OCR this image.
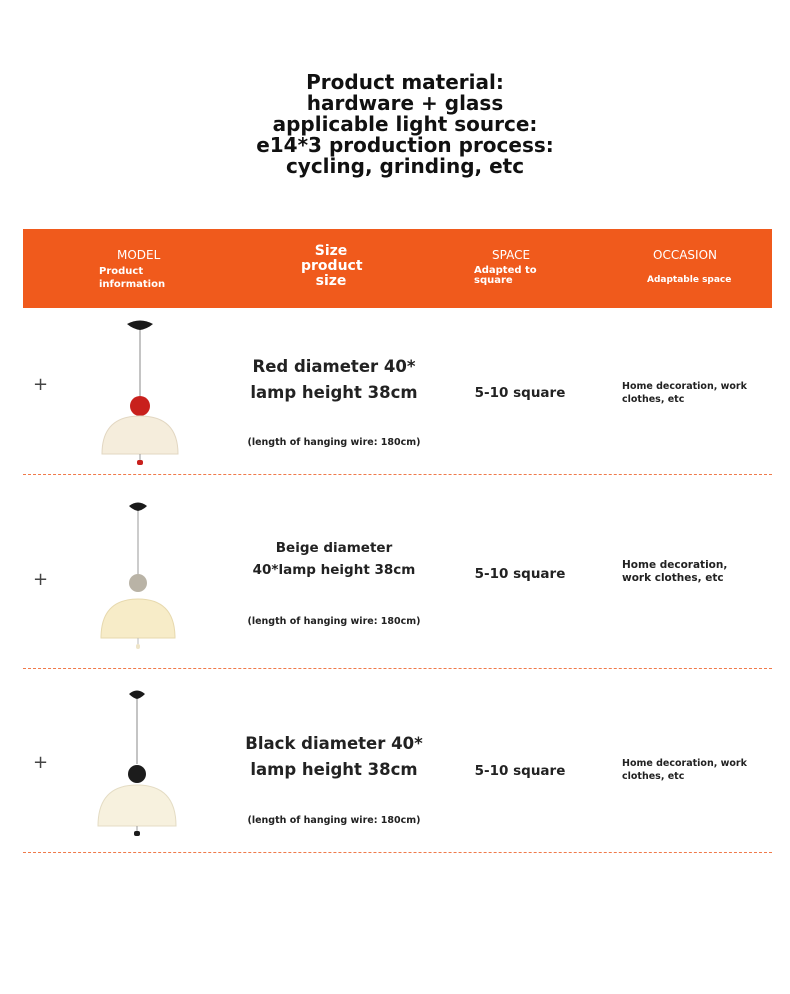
Product material:
hardware + glass
applicable light source:
e14*3 production process:
cycling, grinding, etc
MODEL
Product
information
Size
product
size
SPACE
Adapted to
square
OCCASION
Adaptable space
+
Red diameter 40*
lamp height 38cm
(length of hanging wire: 180cm)
5-10 square	Home decoration, work
clothes, etc
+
Beige diameter
40*lamp height 38cm
(length of hanging wire: 180cm)
5-10 square
Home decoration,
work clothes, etc
+
Black diameter 40*
lamp height 38cm
(length of hanging wire: 180cm)
5-10 square	Home decoration, work
clothes, etc
